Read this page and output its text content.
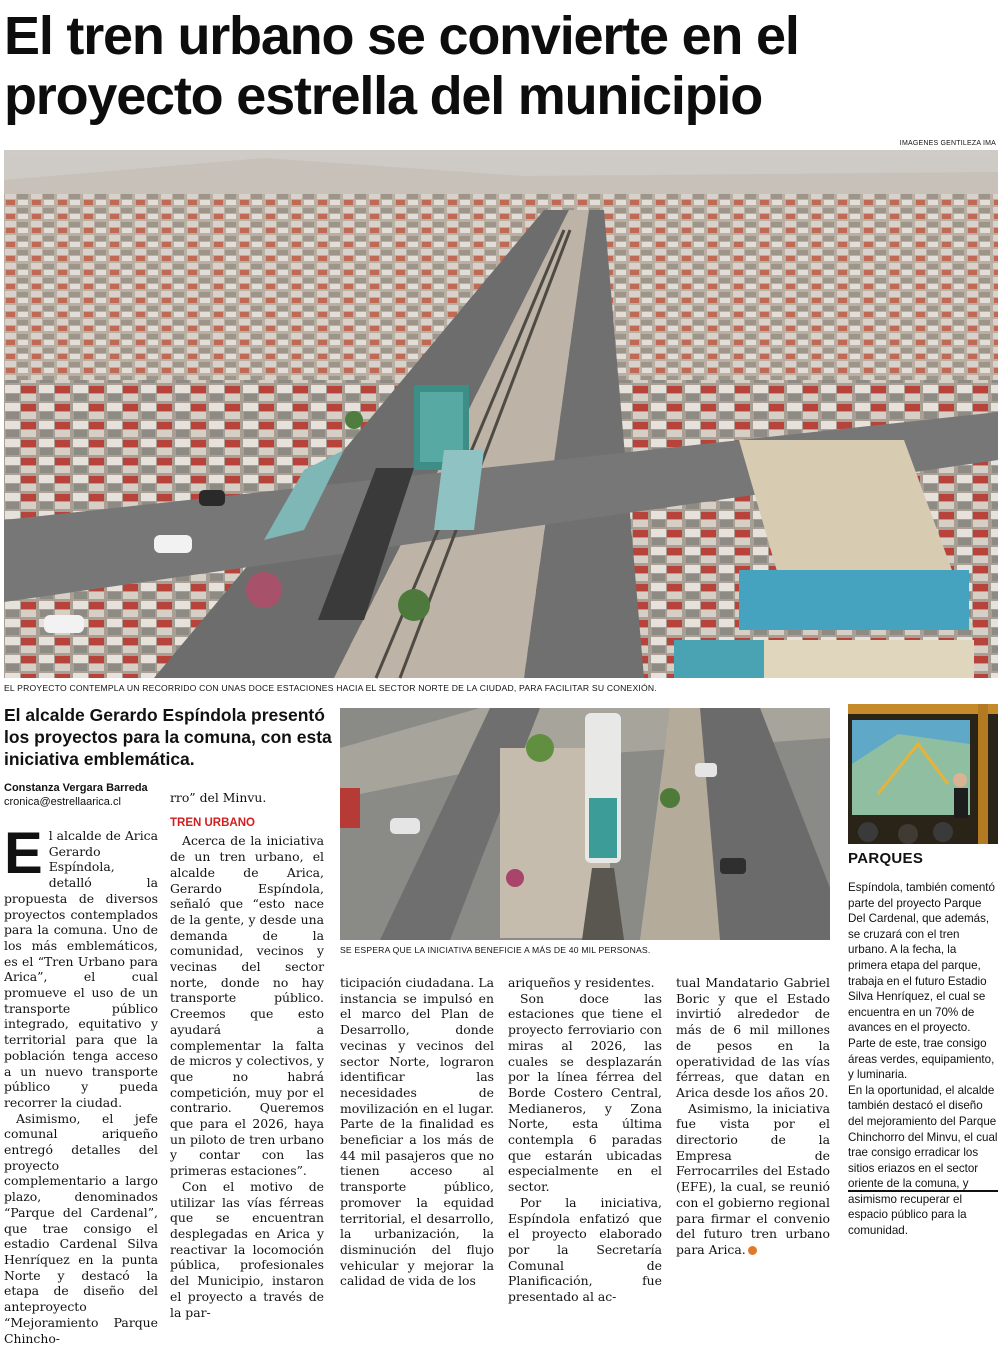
El tren urbano se convierte en el
proyecto estrella del municipio
IMAGENES GENTILEZA IMA
EL PROYECTO CONTEMPLA UN RECORRIDO CON UNAS DOCE ESTACIONES HACIA EL SECTOR NORTE DE LA CIUDAD, PARA FACILITAR SU CONEXIÓN.
El alcalde Gerardo Espíndola presentó los proyectos para la comuna, con esta iniciativa emblemática.
Constanza Vergara Barreda
cronica@estrellaarica.cl
E l alcalde de Arica Gerardo Espíndola, detalló la propuesta de diversos proyectos contemplados para la comuna. Uno de los más emblemáticos, es el “Tren Urbano para Arica”, el cual promueve el uso de un transporte público integrado, equitativo y territorial para que la población tenga acceso a un nuevo transporte público y pueda recorrer la ciudad.

Asimismo, el jefe comunal ariqueño entregó detalles del proyecto complementario a largo plazo, denominados “Parque del Cardenal”, que trae consigo el estadio Cardenal Silva Henríquez en la punta Norte y destacó la etapa de diseño del anteproyecto “Mejoramiento Parque Chincho-

rro” del Minvu.

TREN URBANO

Acerca de la iniciativa de un tren urbano, el alcalde de Arica, Gerardo Espíndola, señaló que “esto nace de la gente, y desde una demanda de la comunidad, vecinos y vecinas del sector norte, donde no hay transporte público. Creemos que esto ayudará a complementar la falta de micros y colectivos, y que no habrá competición, muy por el contrario. Queremos que para el 2026, haya un piloto de tren urbano y contar con las primeras estaciones”.

Con el motivo de utilizar las vías férreas que se encuentran desplegadas en Arica y reactivar la locomoción pública, profesionales del Municipio, instaron el proyecto a través de la par-

SE ESPERA QUE LA INICIATIVA BENEFICIE A MÁS DE 40 MIL PERSONAS.

ticipación ciudadana. La instancia se impulsó en el marco del Plan de Desarrollo, donde vecinas y vecinos del sector Norte, lograron identificar las necesidades de movilización en el lugar. Parte de la finalidad es beneficiar a los más de 44 mil pasajeros que no tienen acceso al transporte público, promover la equidad territorial, el desarrollo, la urbanización, la disminución del flujo vehicular y mejorar la calidad de vida de los

ariqueños y residentes.

Son doce las estaciones que tiene el proyecto ferroviario con miras al 2026, las cuales se desplazarán por la línea férrea del Borde Costero Central, Medianeros, y Zona Norte, esta última contempla 6 paradas que estarán ubicadas especialmente en el sector.

Por la iniciativa, Espíndola enfatizó que el proyecto elaborado por la Secretaría Comunal de Planificación, fue presentado al ac-

tual Mandatario Gabriel Boric y que el Estado invirtió alrededor de más de 6 mil millones de pesos en la operatividad de las vías férreas, que datan en Arica desde los años 20.

Asimismo, la iniciativa fue vista por el directorio de la Empresa de Ferrocarriles del Estado (EFE), la cual, se reunió con el gobierno regional para firmar el convenio del futuro tren urbano para Arica.

PARQUES

Espíndola, también comentó parte del proyecto Parque Del Cardenal, que además, se cruzará con el tren urbano. A la fecha, la primera etapa del parque, trabaja en el futuro Estadio Silva Henríquez, el cual se encuentra en un 70% de avances en el proyecto. Parte de este, trae consigo áreas verdes, equipamiento, y luminaria.

En la oportunidad, el alcalde también destacó el diseño del mejoramiento del Parque Chinchorro del Minvu, el cual trae consigo erradicar los sitios eriazos en el sector oriente de la comuna, y asimismo recuperar el espacio público para la comunidad.
